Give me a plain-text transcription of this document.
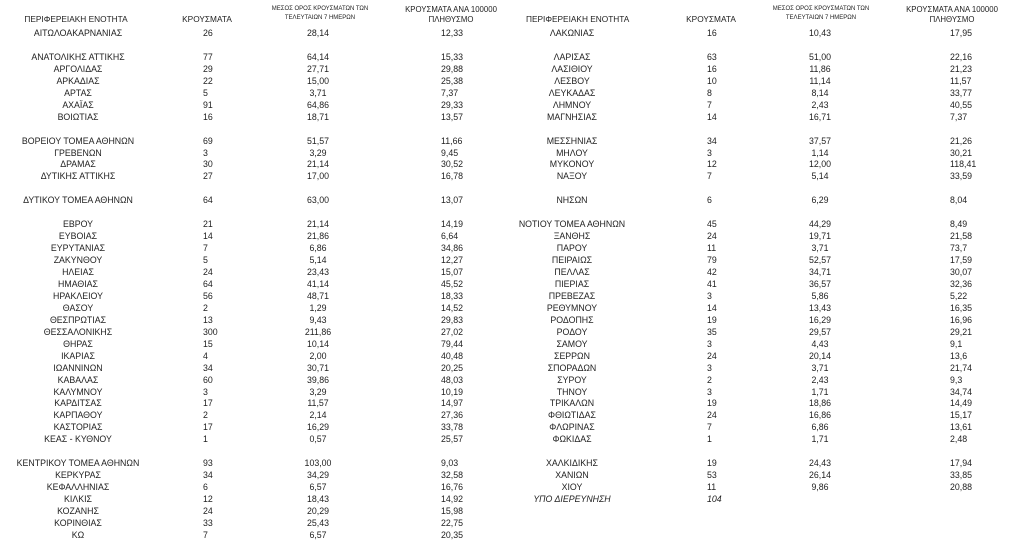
ΠΕΡΙΦΕΡΕΙΑΚΗ ΕΝΟΤΗΤΑ	ΚΡΟΥΣΜΑΤΑ
ΜΕΣΟΣ ΟΡΟΣ ΚΡΟΥΣΜΑΤΩΝ ΤΩΝ
ΤΕΛΕΥΤΑΙΩΝ 7 ΗΜΕΡΩΝ
ΚΡΟΥΣΜΑΤΑ ΑΝΑ 100000
ΠΛΗΘΥΣΜΟ
ΑΙΤΩΛΟΑΚΑΡΝΑΝΙΑΣ	26	28,14	12,33
ΑΝΑΤΟΛΙΚΗΣ ΑΤΤΙΚΗΣ	77	64,14	15,33
ΑΡΓΟΛΙΔΑΣ	29	27,71	29,88
ΑΡΚΑΔΙΑΣ	22	15,00	25,38
ΑΡΤΑΣ	5	3,71	7,37
ΑΧΑΪΑΣ	91	64,86	29,33
ΒΟΙΩΤΙΑΣ	16	18,71	13,57
ΒΟΡΕΙΟΥ ΤΟΜΕΑ ΑΘΗΝΩΝ	69	51,57	11,66
ΓΡΕΒΕΝΩΝ	3	3,29	9,45
ΔΡΑΜΑΣ	30	21,14	30,52
ΔΥΤΙΚΗΣ ΑΤΤΙΚΗΣ	27	17,00	16,78
ΔΥΤΙΚΟΥ ΤΟΜΕΑ ΑΘΗΝΩΝ	64	63,00	13,07
ΕΒΡΟΥ	21	21,14	14,19
ΕΥΒΟΙΑΣ	14	21,86	6,64
ΕΥΡΥΤΑΝΙΑΣ	7	6,86	34,86
ΖΑΚΥΝΘΟΥ	5	5,14	12,27
ΗΛΕΙΑΣ	24	23,43	15,07
ΗΜΑΘΙΑΣ	64	41,14	45,52
ΗΡΑΚΛΕΙΟΥ	56	48,71	18,33
ΘΑΣΟΥ	2	1,29	14,52
ΘΕΣΠΡΩΤΙΑΣ	13	9,43	29,83
ΘΕΣΣΑΛΟΝΙΚΗΣ	300	211,86	27,02
ΘΗΡΑΣ	15	10,14	79,44
ΙΚΑΡΙΑΣ	4	2,00	40,48
ΙΩΑΝΝΙΝΩΝ	34	30,71	20,25
ΚΑΒΑΛΑΣ	60	39,86	48,03
ΚΑΛΥΜΝΟΥ	3	3,29	10,19
ΚΑΡΔΙΤΣΑΣ	17	11,57	14,97
ΚΑΡΠΑΘΟΥ	2	2,14	27,36
ΚΑΣΤΟΡΙΑΣ	17	16,29	33,78
ΚΕΑΣ - ΚΥΘΝΟΥ	1	0,57	25,57
ΚΕΝΤΡΙΚΟΥ ΤΟΜΕΑ ΑΘΗΝΩΝ	93	103,00	9,03
ΚΕΡΚΥΡΑΣ	34	34,29	32,58
ΚΕΦΑΛΛΗΝΙΑΣ	6	6,57	16,76
ΚΙΛΚΙΣ	12	18,43	14,92
ΚΟΖΑΝΗΣ	24	20,29	15,98
ΚΟΡΙΝΘΙΑΣ	33	25,43	22,75
ΚΩ	7	6,57	20,35
ΠΕΡΙΦΕΡΕΙΑΚΗ ΕΝΟΤΗΤΑ	ΚΡΟΥΣΜΑΤΑ
ΜΕΣΟΣ ΟΡΟΣ ΚΡΟΥΣΜΑΤΩΝ ΤΩΝ
ΤΕΛΕΥΤΑΙΩΝ 7 ΗΜΕΡΩΝ
ΚΡΟΥΣΜΑΤΑ ΑΝΑ 100000
ΠΛΗΘΥΣΜΟ
ΛΑΚΩΝΙΑΣ	16	10,43	17,95
ΛΑΡΙΣΑΣ	63	51,00	22,16
ΛΑΣΙΘΙΟΥ	16	11,86	21,23
ΛΕΣΒΟΥ	10	11,14	11,57
ΛΕΥΚΑΔΑΣ	8	8,14	33,77
ΛΗΜΝΟΥ	7	2,43	40,55
ΜΑΓΝΗΣΙΑΣ	14	16,71	7,37
ΜΕΣΣΗΝΙΑΣ	34	37,57	21,26
ΜΗΛΟΥ	3	1,14	30,21
ΜΥΚΟΝΟΥ	12	12,00	118,41
ΝΑΞΟΥ	7	5,14	33,59
ΝΗΣΩΝ	6	6,29	8,04
ΝΟΤΙΟΥ ΤΟΜΕΑ ΑΘΗΝΩΝ	45	44,29	8,49
ΞΑΝΘΗΣ	24	19,71	21,58
ΠΑΡΟΥ	11	3,71	73,7
ΠΕΙΡΑΙΩΣ	79	52,57	17,59
ΠΕΛΛΑΣ	42	34,71	30,07
ΠΙΕΡΙΑΣ	41	36,57	32,36
ΠΡΕΒΕΖΑΣ	3	5,86	5,22
ΡΕΘΥΜΝΟΥ	14	13,43	16,35
ΡΟΔΟΠΗΣ	19	16,29	16,96
ΡΟΔΟΥ	35	29,57	29,21
ΣΑΜΟΥ	3	4,43	9,1
ΣΕΡΡΩΝ	24	20,14	13,6
ΣΠΟΡΑΔΩΝ	3	3,71	21,74
ΣΥΡΟΥ	2	2,43	9,3
ΤΗΝΟΥ	3	1,71	34,74
ΤΡΙΚΑΛΩΝ	19	18,86	14,49
ΦΘΙΩΤΙΔΑΣ	24	16,86	15,17
ΦΛΩΡΙΝΑΣ	7	6,86	13,61
ΦΩΚΙΔΑΣ	1	1,71	2,48
ΧΑΛΚΙΔΙΚΗΣ	19	24,43	17,94
ΧΑΝΙΩΝ	53	26,14	33,85
ΧΙΟΥ	11	9,86	20,88
ΥΠΟ ΔΙΕΡΕΥΝΗΣΗ	104
